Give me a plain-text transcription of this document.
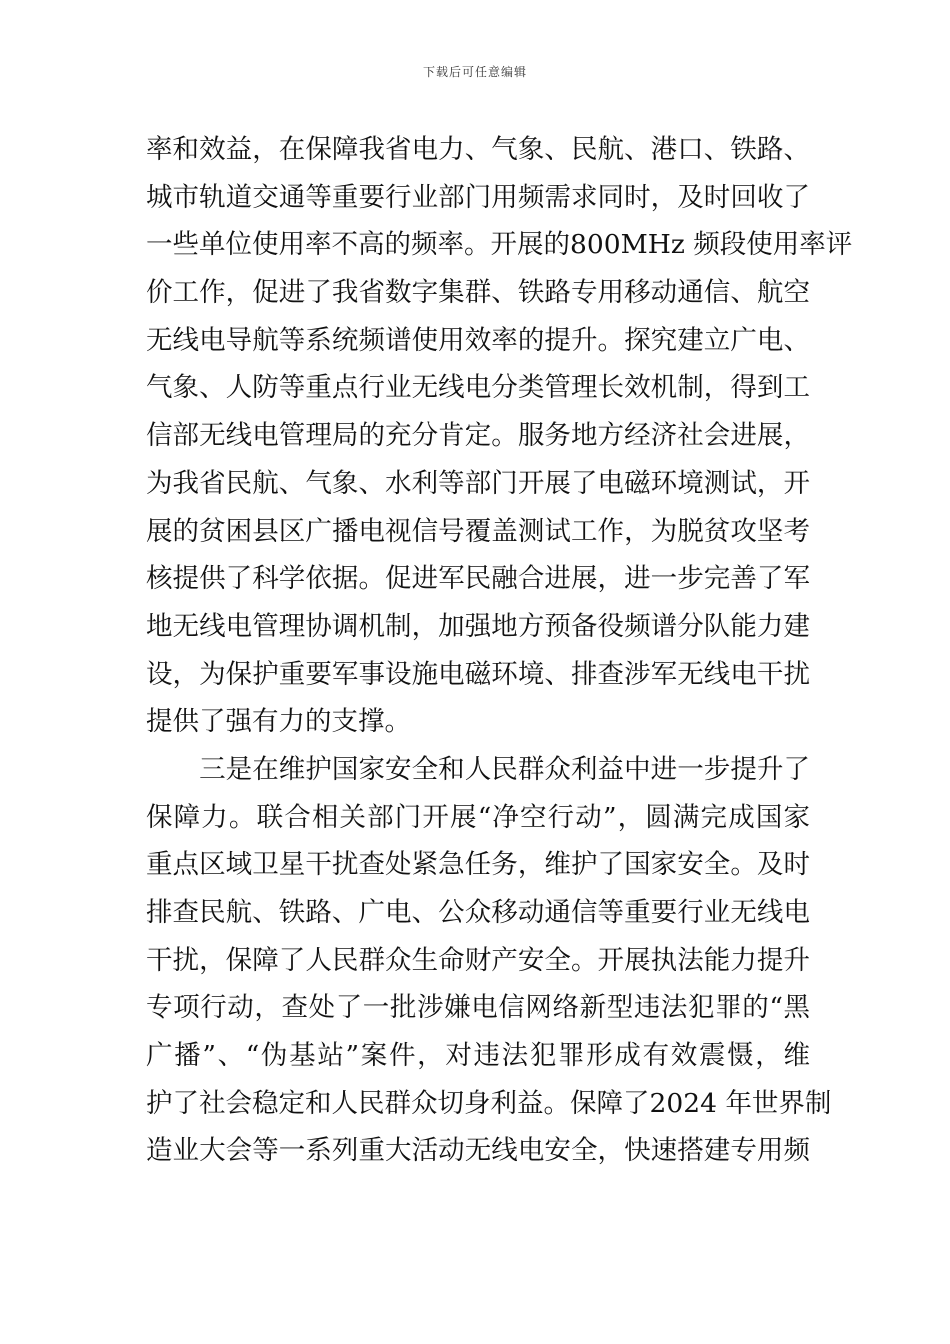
下载后可任意编辑
率和效益，在保障我省电力、气象、民航、港口、铁路、
城市轨道交通等重要行业部门用频需求同时，及时回收了
一些单位使用率不高的频率。开展的800MHz 频段使用率评
价工作，促进了我省数字集群、铁路专用移动通信、航空
无线电导航等系统频谱使用效率的提升。探究建立广电、
气象、人防等重点行业无线电分类管理长效机制，得到工
信部无线电管理局的充分肯定。服务地方经济社会进展，
为我省民航、气象、水利等部门开展了电磁环境测试，开
展的贫困县区广播电视信号覆盖测试工作，为脱贫攻坚考
核提供了科学依据。促进军民融合进展，进一步完善了军
地无线电管理协调机制，加强地方预备役频谱分队能力建
设，为保护重要军事设施电磁环境、排查涉军无线电干扰
提供了强有力的支撑。
　　三是在维护国家安全和人民群众利益中进一步提升了
保障力。联合相关部门开展“净空行动”，圆满完成国家
重点区域卫星干扰查处紧急任务，维护了国家安全。及时
排查民航、铁路、广电、公众移动通信等重要行业无线电
干扰，保障了人民群众生命财产安全。开展执法能力提升
专项行动，查处了一批涉嫌电信网络新型违法犯罪的“黑
广播”、“伪基站”案件，对违法犯罪形成有效震慑，维
护了社会稳定和人民群众切身利益。保障了2024 年世界制
造业大会等一系列重大活动无线电安全，快速搭建专用频
